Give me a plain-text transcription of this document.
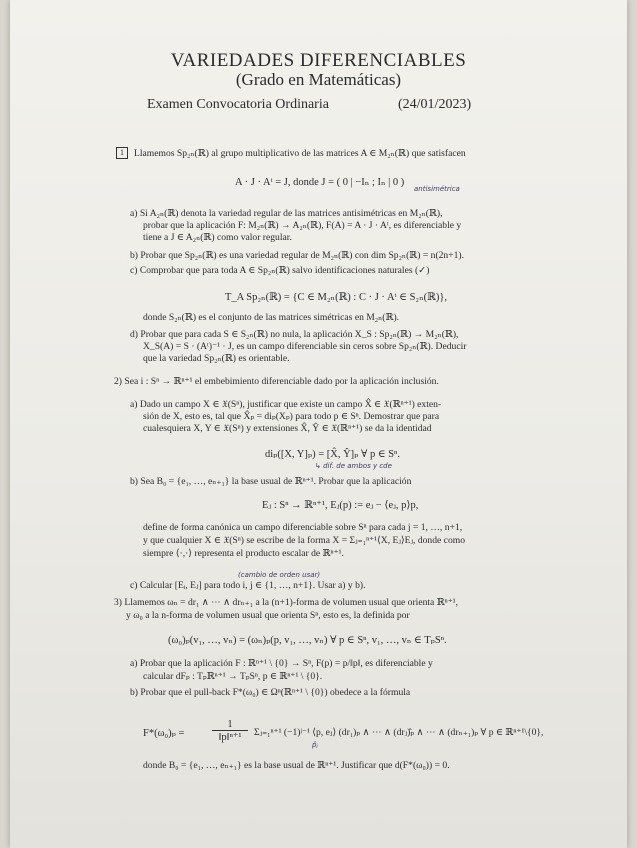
VARIEDADES DIFERENCIABLES
(Grado en Matemáticas)
Examen Convocatoria Ordinaria	(24/01/2023)
1	Llamemos Sp₂ₙ(ℝ) al grupo multiplicativo de las matrices A ∈ M₂ₙ(ℝ) que satisfacen
A · J · Aᵗ = J, donde J = ( 0 | −Iₙ ; Iₙ | 0 )
antisimétrica
a) Si A₂ₙ(ℝ) denota la variedad regular de las matrices antisimétricas en M₂ₙ(ℝ),
probar que la aplicación F: M₂ₙ(ℝ) → A₂ₙ(ℝ), F(A) = A · J · Aᵗ, es diferenciable y
tiene a J ∈ A₂ₙ(ℝ) como valor regular.
b) Probar que Sp₂ₙ(ℝ) es una variedad regular de M₂ₙ(ℝ) con dim Sp₂ₙ(ℝ) = n(2n+1).
c) Comprobar que para toda A ∈ Sp₂ₙ(ℝ) salvo identificaciones naturales (✓)
T_A Sp₂ₙ(ℝ) = {C ∈ M₂ₙ(ℝ) : C · J · Aᵗ ∈ S₂ₙ(ℝ)},
donde S₂ₙ(ℝ) es el conjunto de las matrices simétricas en M₂ₙ(ℝ).
d) Probar que para cada S ∈ S₂ₙ(ℝ) no nula, la aplicación X_S : Sp₂ₙ(ℝ) → M₂ₙ(ℝ),
X_S(A) = S · (Aᵗ)⁻¹ · J, es un campo diferenciable sin ceros sobre Sp₂ₙ(ℝ). Deducir
que la variedad Sp₂ₙ(ℝ) es orientable.
2) Sea i : Sⁿ → ℝⁿ⁺¹ el embebimiento diferenciable dado por la aplicación inclusión.
a) Dado un campo X ∈ 𝔛(Sⁿ), justificar que existe un campo X̂ ∈ 𝔛(ℝⁿ⁺¹) exten-
sión de X, esto es, tal que X̂ₚ = diₚ(Xₚ) para todo p ∈ Sⁿ. Demostrar que para
cualesquiera X, Y ∈ 𝔛(Sⁿ) y extensiones X̂, Ŷ ∈ 𝔛(ℝⁿ⁺¹) se da la identidad
diₚ([X, Y]ₚ) = [X̂, Ŷ]ₚ ∀ p ∈ Sⁿ.
↳ dif. de ambos y cde
b) Sea B₀ = {e₁, …, eₙ₊₁} la base usual de ℝⁿ⁺¹. Probar que la aplicación
Eⱼ : Sⁿ → ℝⁿ⁺¹, Eⱼ(p) := eⱼ − ⟨eⱼ, p⟩p,
define de forma canónica un campo diferenciable sobre Sⁿ para cada j = 1, …, n+1,
y que cualquier X ∈ 𝔛(Sⁿ) se escribe de la forma X = Σⱼ₌₁ⁿ⁺¹⟨X, Eⱼ⟩Eⱼ, donde como
siempre ⟨·,·⟩ representa el producto escalar de ℝⁿ⁺¹.
(cambio de orden usar)
c) Calcular [Eᵢ, Eⱼ] para todo i, j ∈ {1, …, n+1}. Usar a) y b).
3) Llamemos ωₙ = dr₁ ∧ ⋯ ∧ drₙ₊₁ a la (n+1)-forma de volumen usual que orienta ℝⁿ⁺¹,
y ω₀ a la n-forma de volumen usual que orienta Sⁿ, esto es, la definida por
(ω₀)ₚ(v₁, …, vₙ) = (ωₙ)ₚ(p, v₁, …, vₙ) ∀ p ∈ Sⁿ, v₁, …, vₙ ∈ TₚSⁿ.
a) Probar que la aplicación F : ℝⁿ⁺¹ \ {0} → Sⁿ, F(p) = p/‖p‖, es diferenciable y
calcular dFₚ : Tₚℝⁿ⁺¹ → TₚSⁿ, p ∈ ℝⁿ⁺¹ \ {0}.
b) Probar que el pull-back F*(ω₀) ∈ Ωⁿ(ℝⁿ⁺¹ \ {0}) obedece a la fórmula
F*(ω₀)ₚ =
1
‖p‖ⁿ⁺¹	Σⱼ₌₁ⁿ⁺¹ (−1)ʲ⁻¹ ⟨p, eⱼ⟩ (dr₁)ₚ ∧ ⋯ ∧ (drⱼ)̂ₚ ∧ ⋯ ∧ (drₙ₊₁)ₚ ∀ p ∈ ℝⁿ⁺¹\{0},
p̂ⱼ
donde B₀ = {e₁, …, eₙ₊₁} es la base usual de ℝⁿ⁺¹. Justificar que d(F*(ω₀)) = 0.
